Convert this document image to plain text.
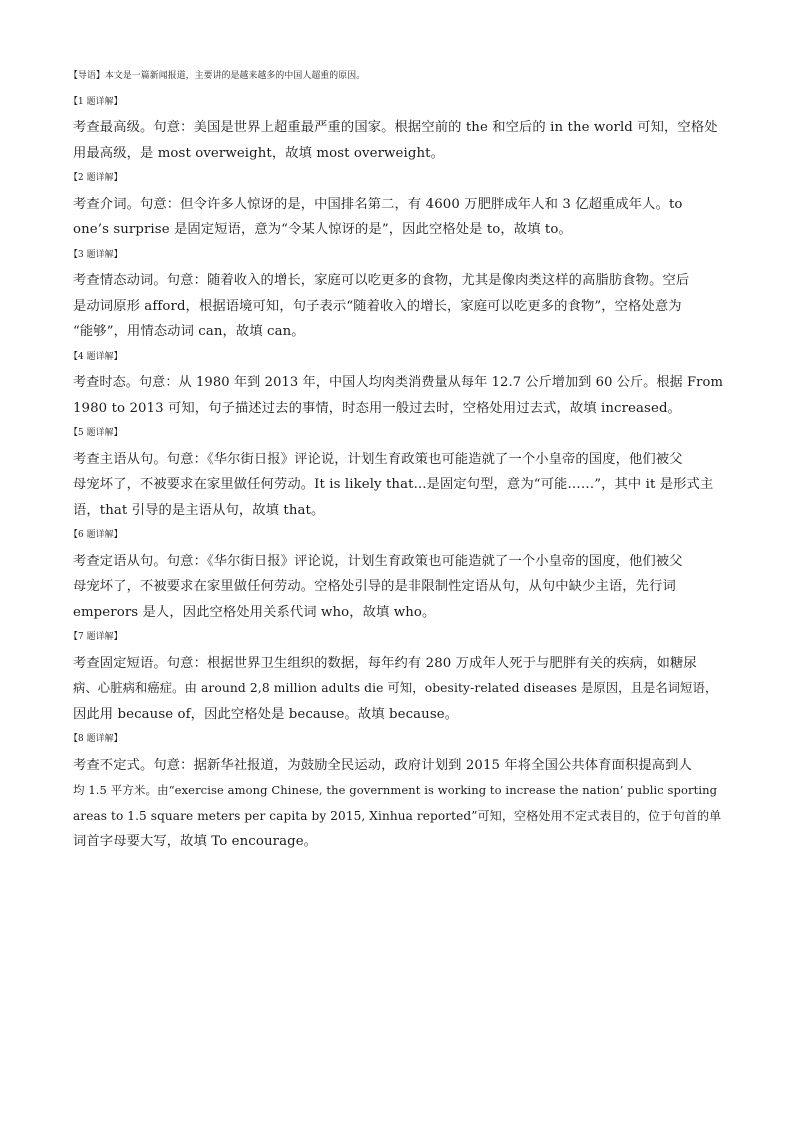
【导语】本文是一篇新闻报道，主要讲的是越来越多的中国人超重的原因。
【1 题详解】
考查最高级。句意：美国是世界上超重最严重的国家。根据空前的 the 和空后的 in the world 可知，空格处
用最高级，是 most overweight，故填 most overweight。
【2 题详解】
考查介词。句意：但令许多人惊讶的是，中国排名第二，有 4600 万肥胖成年人和 3 亿超重成年人。to
one’s surprise 是固定短语，意为“令某人惊讶的是”，因此空格处是 to，故填 to。
【3 题详解】
考查情态动词。句意：随着收入的增长，家庭可以吃更多的食物，尤其是像肉类这样的高脂肪食物。空后
是动词原形 afford，根据语境可知，句子表示“随着收入的增长，家庭可以吃更多的食物”，空格处意为
“能够”，用情态动词 can，故填 can。
【4 题详解】
考查时态。句意：从 1980 年到 2013 年，中国人均肉类消费量从每年 12.7 公斤增加到 60 公斤。根据 From
1980 to 2013 可知，句子描述过去的事情，时态用一般过去时，空格处用过去式，故填 increased。
【5 题详解】
考查主语从句。句意：《华尔街日报》评论说，计划生育政策也可能造就了一个小皇帝的国度，他们被父
母宠坏了，不被要求在家里做任何劳动。It is likely that...是固定句型，意为“可能……”，其中 it 是形式主
语，that 引导的是主语从句，故填 that。
【6 题详解】
考查定语从句。句意：《华尔街日报》评论说，计划生育政策也可能造就了一个小皇帝的国度，他们被父
母宠坏了，不被要求在家里做任何劳动。空格处引导的是非限制性定语从句，从句中缺少主语，先行词
emperors 是人，因此空格处用关系代词 who，故填 who。
【7 题详解】
考查固定短语。句意：根据世界卫生组织的数据，每年约有 280 万成年人死于与肥胖有关的疾病，如糖尿
病、心脏病和癌症。由 around 2,8 million adults die 可知，obesity-related diseases 是原因，且是名词短语，
因此用 because of，因此空格处是 because。故填 because。
【8 题详解】
考查不定式。句意：据新华社报道，为鼓励全民运动，政府计划到 2015 年将全国公共体育面积提高到人
均 1.5 平方米。由“exercise among Chinese, the government is working to increase the nation’ public sporting
areas to 1.5 square meters per capita by 2015, Xinhua reported”可知，空格处用不定式表目的，位于句首的单
词首字母要大写，故填 To encourage。
